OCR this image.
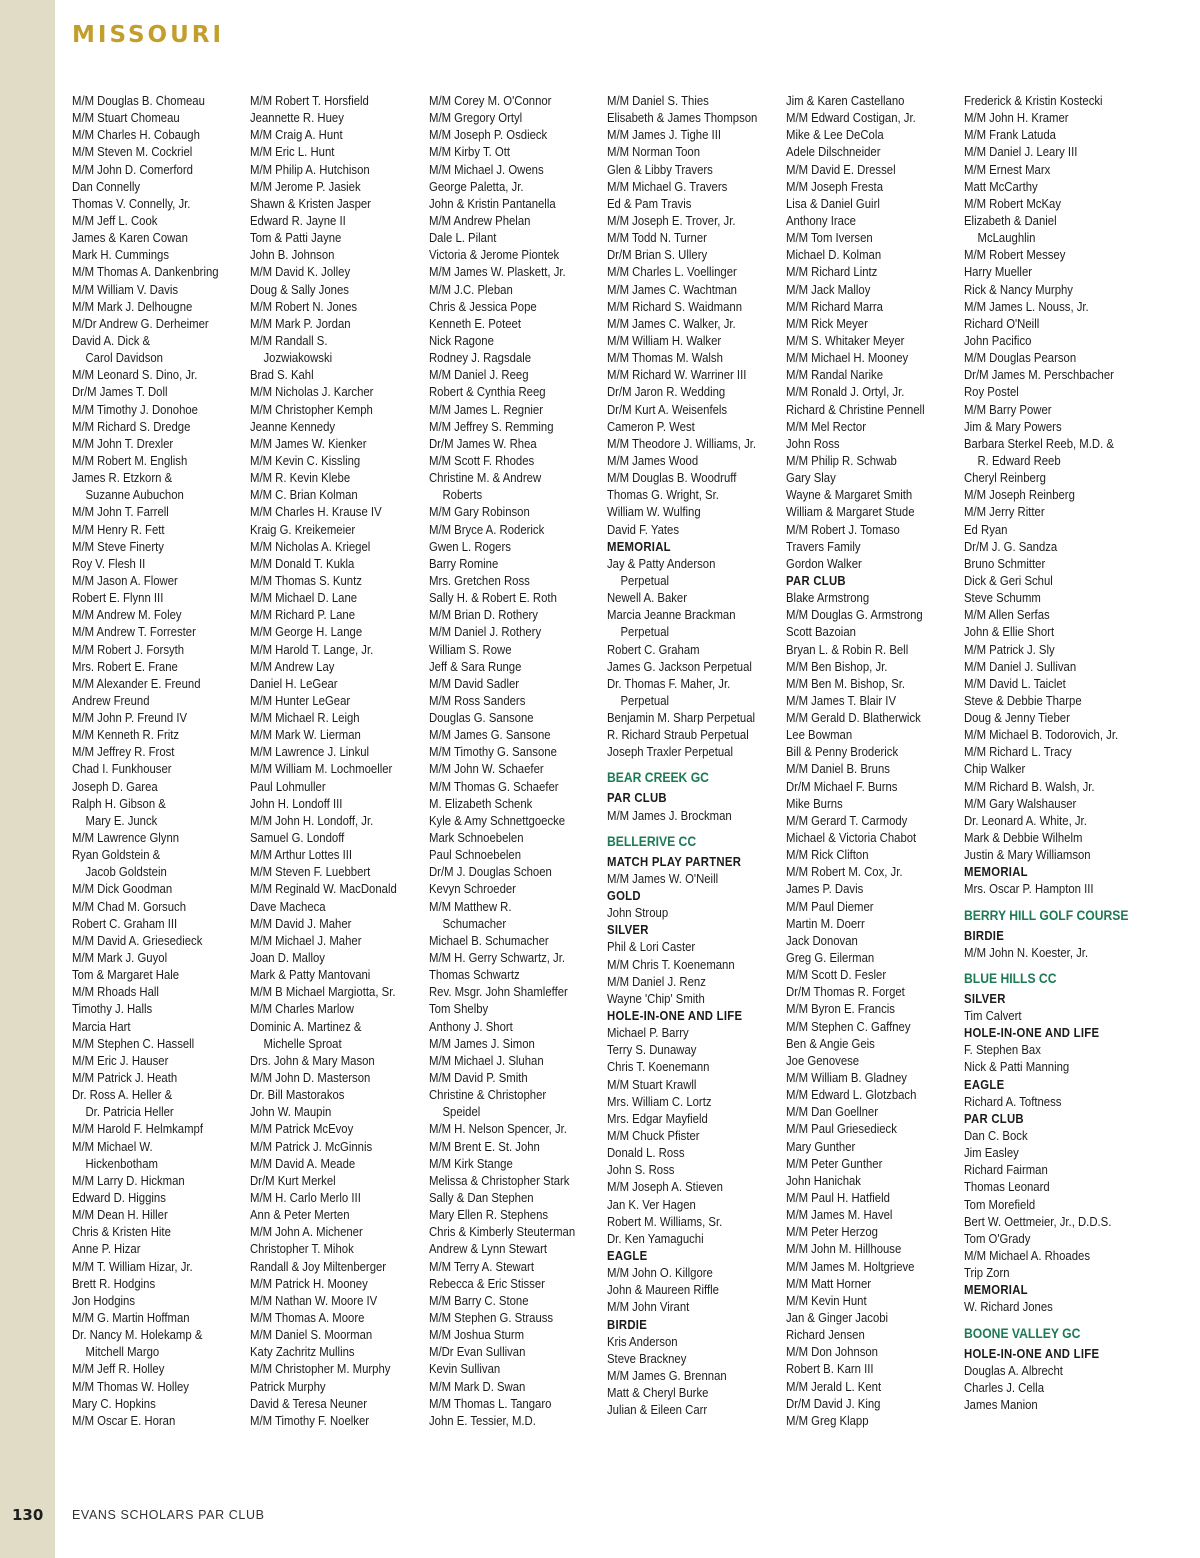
MISSOURI
M/M Douglas B. Chomeau
M/M Stuart Chomeau
M/M Charles H. Cobaugh
M/M Steven M. Cockriel
M/M John D. Comerford
Dan Connelly
Thomas V. Connelly, Jr.
M/M Jeff L. Cook
James & Karen Cowan
Mark H. Cummings
M/M Thomas A. Dankenbring
M/M William V. Davis
M/M Mark J. Delhougne
M/Dr Andrew G. Derheimer
David A. Dick &
Carol Davidson
M/M Leonard S. Dino, Jr.
Dr/M James T. Doll
M/M Timothy J. Donohoe
M/M Richard S. Dredge
M/M John T. Drexler
M/M Robert M. English
James R. Etzkorn &
Suzanne Aubuchon
M/M John T. Farrell
M/M Henry R. Fett
M/M Steve Finerty
Roy V. Flesh II
M/M Jason A. Flower
Robert E. Flynn III
M/M Andrew M. Foley
M/M Andrew T. Forrester
M/M Robert J. Forsyth
Mrs. Robert E. Frane
M/M Alexander E. Freund
Andrew Freund
M/M John P. Freund IV
M/M Kenneth R. Fritz
M/M Jeffrey R. Frost
Chad I. Funkhouser
Joseph D. Garea
Ralph H. Gibson &
Mary E. Junck
M/M Lawrence Glynn
Ryan Goldstein &
Jacob Goldstein
M/M Dick Goodman
M/M Chad M. Gorsuch
Robert C. Graham III
M/M David A. Griesedieck
M/M Mark J. Guyol
Tom & Margaret Hale
M/M Rhoads Hall
Timothy J. Halls
Marcia Hart
M/M Stephen C. Hassell
M/M Eric J. Hauser
M/M Patrick J. Heath
Dr. Ross A. Heller &
Dr. Patricia Heller
M/M Harold F. Helmkampf
M/M Michael W.
Hickenbotham
M/M Larry D. Hickman
Edward D. Higgins
M/M Dean H. Hiller
Chris & Kristen Hite
Anne P. Hizar
M/M T. William Hizar, Jr.
Brett R. Hodgins
Jon Hodgins
M/M G. Martin Hoffman
Dr. Nancy M. Holekamp &
Mitchell Margo
M/M Jeff R. Holley
M/M Thomas W. Holley
Mary C. Hopkins
M/M Oscar E. Horan
M/M Robert T. Horsfield
Jeannette R. Huey
M/M Craig A. Hunt
M/M Eric L. Hunt
M/M Philip A. Hutchison
M/M Jerome P. Jasiek
Shawn & Kristen Jasper
Edward R. Jayne II
Tom & Patti Jayne
John B. Johnson
M/M David K. Jolley
Doug & Sally Jones
M/M Robert N. Jones
M/M Mark P. Jordan
M/M Randall S.
Jozwiakowski
Brad S. Kahl
M/M Nicholas J. Karcher
M/M Christopher Kemph
Jeanne Kennedy
M/M James W. Kienker
M/M Kevin C. Kissling
M/M R. Kevin Klebe
M/M C. Brian Kolman
M/M Charles H. Krause IV
Kraig G. Kreikemeier
M/M Nicholas A. Kriegel
M/M Donald T. Kukla
M/M Thomas S. Kuntz
M/M Michael D. Lane
M/M Richard P. Lane
M/M George H. Lange
M/M Harold T. Lange, Jr.
M/M Andrew Lay
Daniel H. LeGear
M/M Hunter LeGear
M/M Michael R. Leigh
M/M Mark W. Lierman
M/M Lawrence J. Linkul
M/M William M. Lochmoeller
Paul Lohmuller
John H. Londoff III
M/M John H. Londoff, Jr.
Samuel G. Londoff
M/M Arthur Lottes III
M/M Steven F. Luebbert
M/M Reginald W. MacDonald
Dave Macheca
M/M David J. Maher
M/M Michael J. Maher
Joan D. Malloy
Mark & Patty Mantovani
M/M B Michael Margiotta, Sr.
M/M Charles Marlow
Dominic A. Martinez &
Michelle Sproat
Drs. John & Mary Mason
M/M John D. Masterson
Dr. Bill Mastorakos
John W. Maupin
M/M Patrick McEvoy
M/M Patrick J. McGinnis
M/M David A. Meade
Dr/M Kurt Merkel
M/M H. Carlo Merlo III
Ann & Peter Merten
M/M John A. Michener
Christopher T. Mihok
Randall & Joy Miltenberger
M/M Patrick H. Mooney
M/M Nathan W. Moore IV
M/M Thomas A. Moore
M/M Daniel S. Moorman
Katy Zachritz Mullins
M/M Christopher M. Murphy
Patrick Murphy
David & Teresa Neuner
M/M Timothy F. Noelker
M/M Corey M. O'Connor
M/M Gregory Ortyl
M/M Joseph P. Osdieck
M/M Kirby T. Ott
M/M Michael J. Owens
George Paletta, Jr.
John & Kristin Pantanella
M/M Andrew Phelan
Dale L. Pilant
Victoria & Jerome Piontek
M/M James W. Plaskett, Jr.
M/M J.C. Pleban
Chris & Jessica Pope
Kenneth E. Poteet
Nick Ragone
Rodney J. Ragsdale
M/M Daniel J. Reeg
Robert & Cynthia Reeg
M/M James L. Regnier
M/M Jeffrey S. Remming
Dr/M James W. Rhea
M/M Scott F. Rhodes
Christine M. & Andrew
Roberts
M/M Gary Robinson
M/M Bryce A. Roderick
Gwen L. Rogers
Barry Romine
Mrs. Gretchen Ross
Sally H. & Robert E. Roth
M/M Brian D. Rothery
M/M Daniel J. Rothery
William S. Rowe
Jeff & Sara Runge
M/M David Sadler
M/M Ross Sanders
Douglas G. Sansone
M/M James G. Sansone
M/M Timothy G. Sansone
M/M John W. Schaefer
M/M Thomas G. Schaefer
M. Elizabeth Schenk
Kyle & Amy Schnettgoecke
Mark Schnoebelen
Paul Schnoebelen
Dr/M J. Douglas Schoen
Kevyn Schroeder
M/M Matthew R.
Schumacher
Michael B. Schumacher
M/M H. Gerry Schwartz, Jr.
Thomas Schwartz
Rev. Msgr. John Shamleffer
Tom Shelby
Anthony J. Short
M/M James J. Simon
M/M Michael J. Sluhan
M/M David P. Smith
Christine & Christopher
Speidel
M/M H. Nelson Spencer, Jr.
M/M Brent E. St. John
M/M Kirk Stange
Melissa & Christopher Stark
Sally & Dan Stephen
Mary Ellen R. Stephens
Chris & Kimberly Steuterman
Andrew & Lynn Stewart
M/M Terry A. Stewart
Rebecca & Eric Stisser
M/M Barry C. Stone
M/M Stephen G. Strauss
M/M Joshua Sturm
M/Dr Evan Sullivan
Kevin Sullivan
M/M Mark D. Swan
M/M Thomas L. Tangaro
John E. Tessier, M.D.
M/M Daniel S. Thies
Elisabeth & James Thompson
M/M James J. Tighe III
M/M Norman Toon
Glen & Libby Travers
M/M Michael G. Travers
Ed & Pam Travis
M/M Joseph E. Trover, Jr.
M/M Todd N. Turner
Dr/M Brian S. Ullery
M/M Charles L. Voellinger
M/M James C. Wachtman
M/M Richard S. Waidmann
M/M James C. Walker, Jr.
M/M William H. Walker
M/M Thomas M. Walsh
M/M Richard W. Warriner III
Dr/M Jaron R. Wedding
Dr/M Kurt A. Weisenfels
Cameron P. West
M/M Theodore J. Williams, Jr.
M/M James Wood
M/M Douglas B. Woodruff
Thomas G. Wright, Sr.
William W. Wulfing
David F. Yates
MEMORIAL
Jay & Patty Anderson
Perpetual
Newell A. Baker
Marcia Jeanne Brackman
Perpetual
Robert C. Graham
James G. Jackson Perpetual
Dr. Thomas F. Maher, Jr.
Perpetual
Benjamin M. Sharp Perpetual
R. Richard Straub Perpetual
Joseph Traxler Perpetual
BEAR CREEK GC
PAR CLUB
M/M James J. Brockman
BELLERIVE CC
MATCH PLAY PARTNER
M/M James W. O'Neill
GOLD
John Stroup
SILVER
Phil & Lori Caster
M/M Chris T. Koenemann
M/M Daniel J. Renz
Wayne 'Chip' Smith
HOLE-IN-ONE AND LIFE
Michael P. Barry
Terry S. Dunaway
Chris T. Koenemann
M/M Stuart Krawll
Mrs. William C. Lortz
Mrs. Edgar Mayfield
M/M Chuck Pfister
Donald L. Ross
John S. Ross
M/M Joseph A. Stieven
Jan K. Ver Hagen
Robert M. Williams, Sr.
Dr. Ken Yamaguchi
EAGLE
M/M John O. Killgore
John & Maureen Riffle
M/M John Virant
BIRDIE
Kris Anderson
Steve Brackney
M/M James G. Brennan
Matt & Cheryl Burke
Julian & Eileen Carr
Jim & Karen Castellano
M/M Edward Costigan, Jr.
Mike & Lee DeCola
Adele Dilschneider
M/M David E. Dressel
M/M Joseph Fresta
Lisa & Daniel Guirl
Anthony Irace
M/M Tom Iversen
Michael D. Kolman
M/M Richard Lintz
M/M Jack Malloy
M/M Richard Marra
M/M Rick Meyer
M/M S. Whitaker Meyer
M/M Michael H. Mooney
M/M Randal Narike
M/M Ronald J. Ortyl, Jr.
Richard & Christine Pennell
M/M Mel Rector
John Ross
M/M Philip R. Schwab
Gary Slay
Wayne & Margaret Smith
William & Margaret Stude
M/M Robert J. Tomaso
Travers Family
Gordon Walker
PAR CLUB
Blake Armstrong
M/M Douglas G. Armstrong
Scott Bazoian
Bryan L. & Robin R. Bell
M/M Ben Bishop, Jr.
M/M Ben M. Bishop, Sr.
M/M James T. Blair IV
M/M Gerald D. Blatherwick
Lee Bowman
Bill & Penny Broderick
M/M Daniel B. Bruns
Dr/M Michael F. Burns
Mike Burns
M/M Gerard T. Carmody
Michael & Victoria Chabot
M/M Rick Clifton
M/M Robert M. Cox, Jr.
James P. Davis
M/M Paul Diemer
Martin M. Doerr
Jack Donovan
Greg G. Eilerman
M/M Scott D. Fesler
Dr/M Thomas R. Forget
M/M Byron E. Francis
M/M Stephen C. Gaffney
Ben & Angie Geis
Joe Genovese
M/M William B. Gladney
M/M Edward L. Glotzbach
M/M Dan Goellner
M/M Paul Griesedieck
Mary Gunther
M/M Peter Gunther
John Hanichak
M/M Paul H. Hatfield
M/M James M. Havel
M/M Peter Herzog
M/M John M. Hillhouse
M/M James M. Holtgrieve
M/M Matt Horner
M/M Kevin Hunt
Jan & Ginger Jacobi
Richard Jensen
M/M Don Johnson
Robert B. Karn III
M/M Jerald L. Kent
Dr/M David J. King
M/M Greg Klapp
Frederick & Kristin Kostecki
M/M John H. Kramer
M/M Frank Latuda
M/M Daniel J. Leary III
M/M Ernest Marx
Matt McCarthy
M/M Robert McKay
Elizabeth & Daniel
McLaughlin
M/M Robert Messey
Harry Mueller
Rick & Nancy Murphy
M/M James L. Nouss, Jr.
Richard O'Neill
John Pacifico
M/M Douglas Pearson
Dr/M James M. Perschbacher
Roy Postel
M/M Barry Power
Jim & Mary Powers
Barbara Sterkel Reeb, M.D. &
R. Edward Reeb
Cheryl Reinberg
M/M Joseph Reinberg
M/M Jerry Ritter
Ed Ryan
Dr/M J. G. Sandza
Bruno Schmitter
Dick & Geri Schul
Steve Schumm
M/M Allen Serfas
John & Ellie Short
M/M Patrick J. Sly
M/M Daniel J. Sullivan
M/M David L. Taiclet
Steve & Debbie Tharpe
Doug & Jenny Tieber
M/M Michael B. Todorovich, Jr.
M/M Richard L. Tracy
Chip Walker
M/M Richard B. Walsh, Jr.
M/M Gary Walshauser
Dr. Leonard A. White, Jr.
Mark & Debbie Wilhelm
Justin & Mary Williamson
MEMORIAL
Mrs. Oscar P. Hampton III
BERRY HILL GOLF COURSE
BIRDIE
M/M John N. Koester, Jr.
BLUE HILLS CC
SILVER
Tim Calvert
HOLE-IN-ONE AND LIFE
F. Stephen Bax
Nick & Patti Manning
EAGLE
Richard A. Toftness
PAR CLUB
Dan C. Bock
Jim Easley
Richard Fairman
Thomas Leonard
Tom Morefield
Bert W. Oettmeier, Jr., D.D.S.
Tom O'Grady
M/M Michael A. Rhoades
Trip Zorn
MEMORIAL
W. Richard Jones
BOONE VALLEY GC
HOLE-IN-ONE AND LIFE
Douglas A. Albrecht
Charles J. Cella
James Manion
130 EVANS SCHOLARS PAR CLUB
